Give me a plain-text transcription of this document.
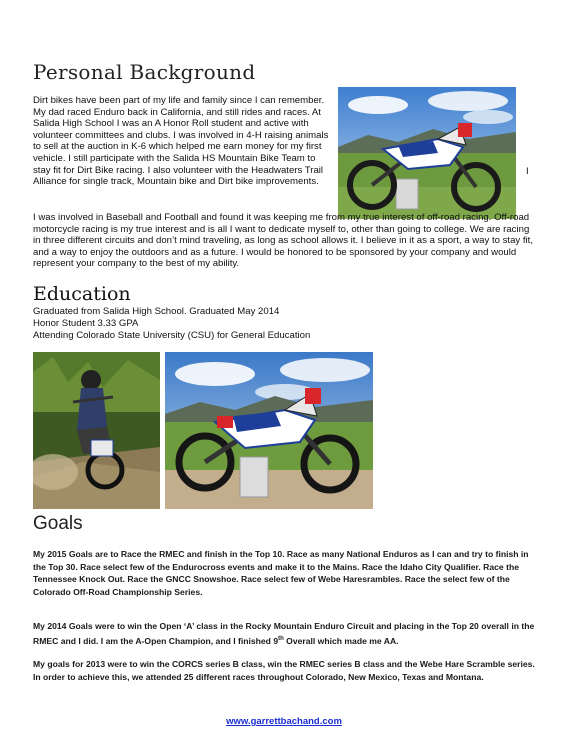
Personal Background

Dirt bikes have been part of my life and family since I can remember. My dad raced Enduro back in California, and still rides and races. At Salida High School I was an A Honor Roll student and active with volunteer committees and clubs. I was involved in 4-H raising animals to sell at the auction in K-6 which helped me earn money for my first vehicle. I still participate with the Salida HS Mountain Bike Team to stay fit for Dirt Bike racing. I also volunteer with the Headwaters Trail Alliance for single track, Mountain bike and Dirt bike improvements.

I

I was involved in Baseball and Football and found it was keeping me from my true interest of off-road racing. Off-road motorcycle racing is my true interest and is all I want to dedicate myself to, other than going to college. We are racing in three different circuits and don’t mind traveling, as long as school allows it. I believe in it as a sport, a way to stay fit, and a way to enjoy the outdoors and as a future. I would be honored to be sponsored by your company and would represent your company to the best of my ability.

Education
Graduated from Salida High School. Graduated May 2014
Honor Student 3.33 GPA
Attending Colorado State University (CSU) for General Education
Goals

My 2015 Goals are to Race the RMEC and finish in the Top 10. Race as many National Enduros as I can and try to finish in the Top 30. Race select few of the Endurocross events and make it to the Mains. Race the Idaho City Qualifier. Race the Tennessee Knock Out. Race the GNCC Snowshoe. Race select few of Webe Haresrambles. Race the select few of the Colorado Off-Road Championship Series.

My 2014 Goals were to win the Open ‘A’ class in the Rocky Mountain Enduro Circuit and placing in the Top 20 overall in the RMEC and I did. I am the A-Open Champion, and I finished 9th Overall which made me AA.

My goals for 2013 were to win the CORCS series B class, win the RMEC series B class and the Webe Hare Scramble series. In order to achieve this, we attended 25 different races throughout Colorado, New Mexico, Texas and Montana.

www.garrettbachand.com
